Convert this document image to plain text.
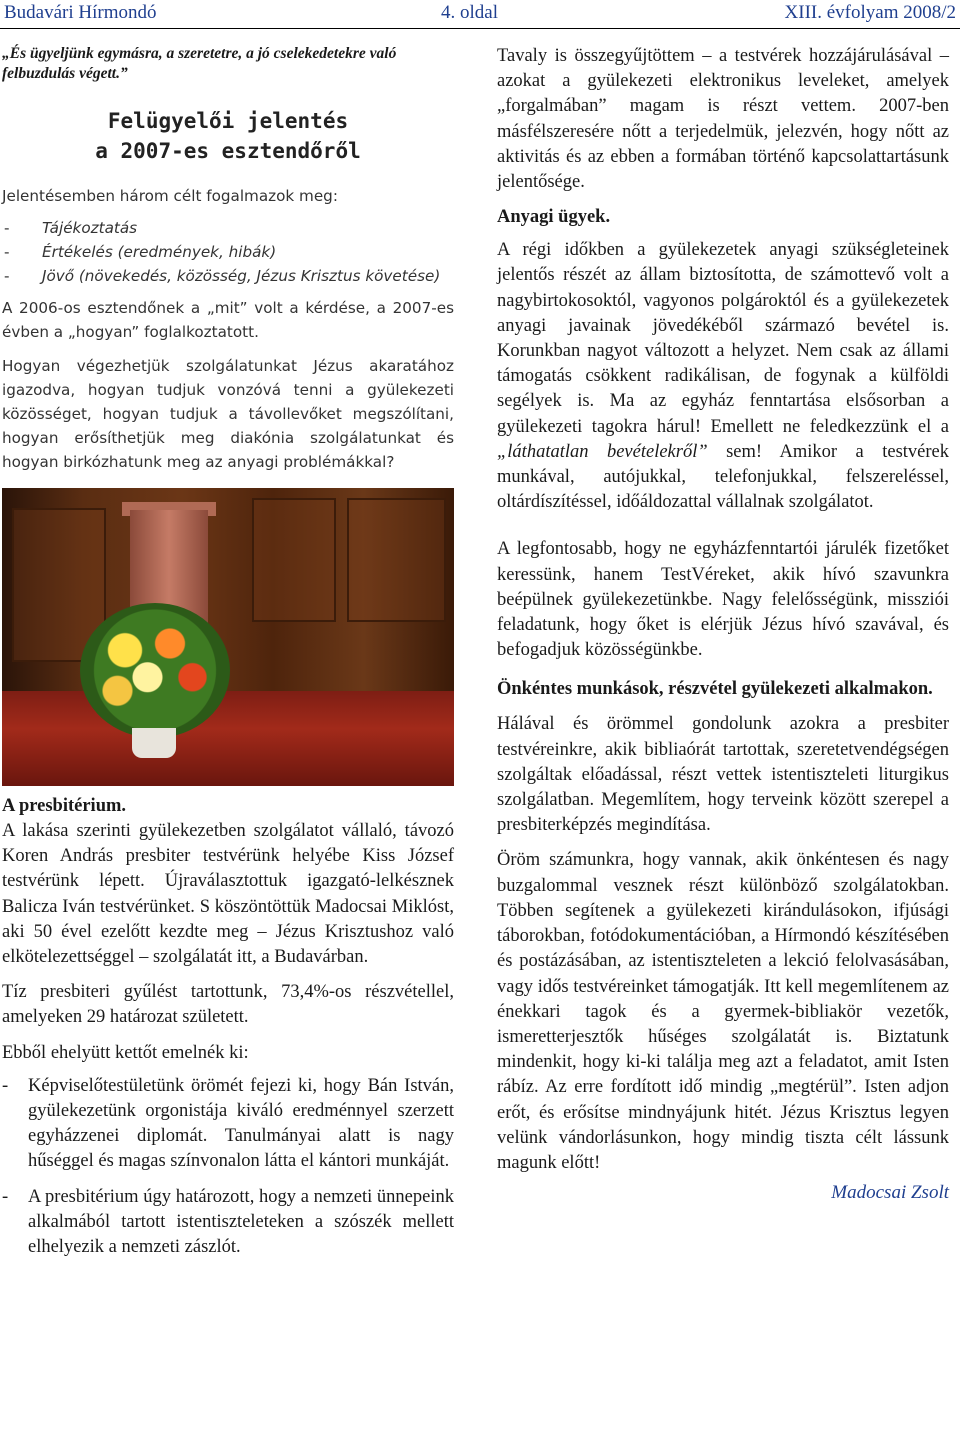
Budavári Hírmondó	4. oldal	XIII. évfolyam 2008/2

„És ügyeljünk egymásra, a szeretetre, a jó cselekedetekre való felbuzdulás végett.”

Felügyelői jelentés
a 2007-es esztendőről

Jelentésemben három célt fogalmazok meg:

- Tájékoztatás
- Értékelés (eredmények, hibák)
- Jövő (növekedés, közösség, Jézus Krisztus követése)

A 2006-os esztendőnek a „mit” volt a kérdése, a 2007-es évben a „hogyan” foglalkoztatott.

Hogyan végezhetjük szolgálatunkat Jézus akaratához igazodva, hogyan tudjuk vonzóvá tenni a gyülekezeti közösséget, hogyan tudjuk a távollevőket megszólítani, hogyan erősíthetjük meg diakónia szolgálatunkat és hogyan birkózhatunk meg az anyagi problémákkal?

A presbitérium.

A lakása szerinti gyülekezetben szolgálatot vállaló, távozó Koren András presbiter testvérünk helyébe Kiss József testvérünk lépett. Újraválasztottuk igazgató-lelkésznek Balicza Iván testvérünket. S köszöntöttük Madocsai Miklóst, aki 50 ével ezelőtt kezdte meg – Jézus Krisztushoz való elkötelezettséggel – szolgálatát itt, a Budavárban.

Tíz presbiteri gyűlést tartottunk, 73,4%-os részvétellel, amelyeken 29 határozat született.

Ebből ehelyütt kettőt emelnék ki:

- Képviselőtestületünk örömét fejezi ki, hogy Bán István, gyülekezetünk orgonistája kiváló eredménnyel szerzett egyházzenei diplomát. Tanulmányai alatt is nagy hűséggel és magas színvonalon látta el kántori munkáját.
- A presbitérium úgy határozott, hogy a nemzeti ünnepeink alkalmából tartott istentiszteleteken a szószék mellett elhelyezik a nemzeti zászlót.

Tavaly is összegyűjtöttem – a testvérek hozzájárulásával – azokat a gyülekezeti elektronikus leveleket, amelyek „forgalmában” magam is részt vettem. 2007-ben másfélszeresére nőtt a terjedelmük, jelezvén, hogy nőtt az aktivitás és az ebben a formában történő kapcsolattartásunk jelentősége.

Anyagi ügyek.

A régi időkben a gyülekezetek anyagi szükségleteinek jelentős részét az állam biztosította, de számottevő volt a nagybirtokosoktól, vagyonos polgároktól és a gyülekezetek anyagi javainak jövedékéből származó bevétel is. Korunkban nagyot változott a helyzet. Nem csak az állami támogatás csökkent radikálisan, de fogynak a külföldi segélyek is. Ma az egyház fenntartása elsősorban a gyülekezeti tagokra hárul! Emellett ne feledkezzünk el a „láthatatlan bevételekről” sem! Amikor a testvérek munkával, autójukkal, telefonjukkal, felszereléssel, oltárdíszítéssel, időáldozattal vállalnak szolgálatot.

A legfontosabb, hogy ne egyházfenntartói járulék fizetőket keressünk, hanem TestVéreket, akik hívó szavunkra beépülnek gyülekezetünkbe. Nagy felelősségünk, missziói feladatunk, hogy őket is elérjük Jézus hívó szavával, és befogadjuk közösségünkbe.

Önkéntes munkások, részvétel gyülekezeti alkalmakon.

Hálával és örömmel gondolunk azokra a presbiter testvéreinkre, akik bibliaórát tartottak, szeretetvendégségen szolgáltak előadással, részt vettek istentiszteleti liturgikus szolgálatban. Megemlítem, hogy terveink között szerepel a presbiterképzés megindítása.

Öröm számunkra, hogy vannak, akik önkéntesen és nagy buzgalommal vesznek részt különböző szolgálatokban. Többen segítenek a gyülekezeti kirándulásokon, ifjúsági táborokban, fotódokumentációban, a Hírmondó készítésében és postázásában, az istentiszteleten a lekció felolvasásában, vagy idős testvéreinket támogatják. Itt kell megemlítenem az énekkari tagok és a gyermek-bibliakör vezetők, ismeretterjesztők hűséges szolgálatát is. Biztatunk mindenkit, hogy ki-ki találja meg azt a feladatot, amit Isten rábíz. Az erre fordított idő mindig „megtérül”. Isten adjon erőt, és erősítse mindnyájunk hitét. Jézus Krisztus legyen velünk vándorlásunkon, hogy mindig tiszta célt lássunk magunk előtt!

Madocsai Zsolt
